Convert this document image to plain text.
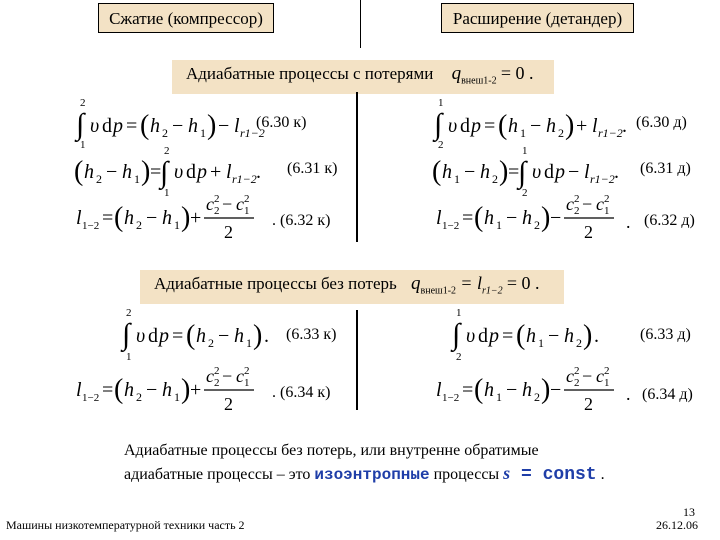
Сжатие (компрессор)	Расширение (детандер)
Адиабатные процессы с потерями $q_{внеш1-2} = 0$ .
2
∫
1
υ d p = ( h 2 − h 1 ) − l r1−2
(6.30 к)
( h 2 − h 1 ) =
2
∫
1
υ d p + l r1−2 . (6.31 к)
l 1−2 = ( h 2 − h 1 ) +
c 2
2 − c 2
1
2
. (6.32 к)
1
∫
2
υ d p = ( h 1 − h 2 ) + l r1−2 . (6.30 д)
( h 1 − h 2 ) =
1
∫
2
υ d p − l r1−2 . (6.31 д)
l 1−2 = ( h 1 − h 2 ) −
c 2
2 − c 2
1
2 . (6.32 д)
Адиабатные процессы без потерь $q_{внеш1-2} = l_{r1-2} = 0$ .
2
∫
1
υ d p = ( h 2 − h 1 ) . (6.33 к)
l 1−2 = ( h 2 − h 1 ) +
c 2
2 − c 2
1
2
. (6.34 к)
1
∫
2
υ d p = ( h 1 − h 2 ) .	(6.33 д)
l 1−2 = ( h 1 − h 2 ) −
c 2
2 − c 2
1
2 . (6.34 д)
Адиабатные процессы без потерь, или внутренне обратимые
адиабатные процессы – это изоэнтропные процессы s = const .
Машины низкотемпературной техники часть 2
13
26.12.06
